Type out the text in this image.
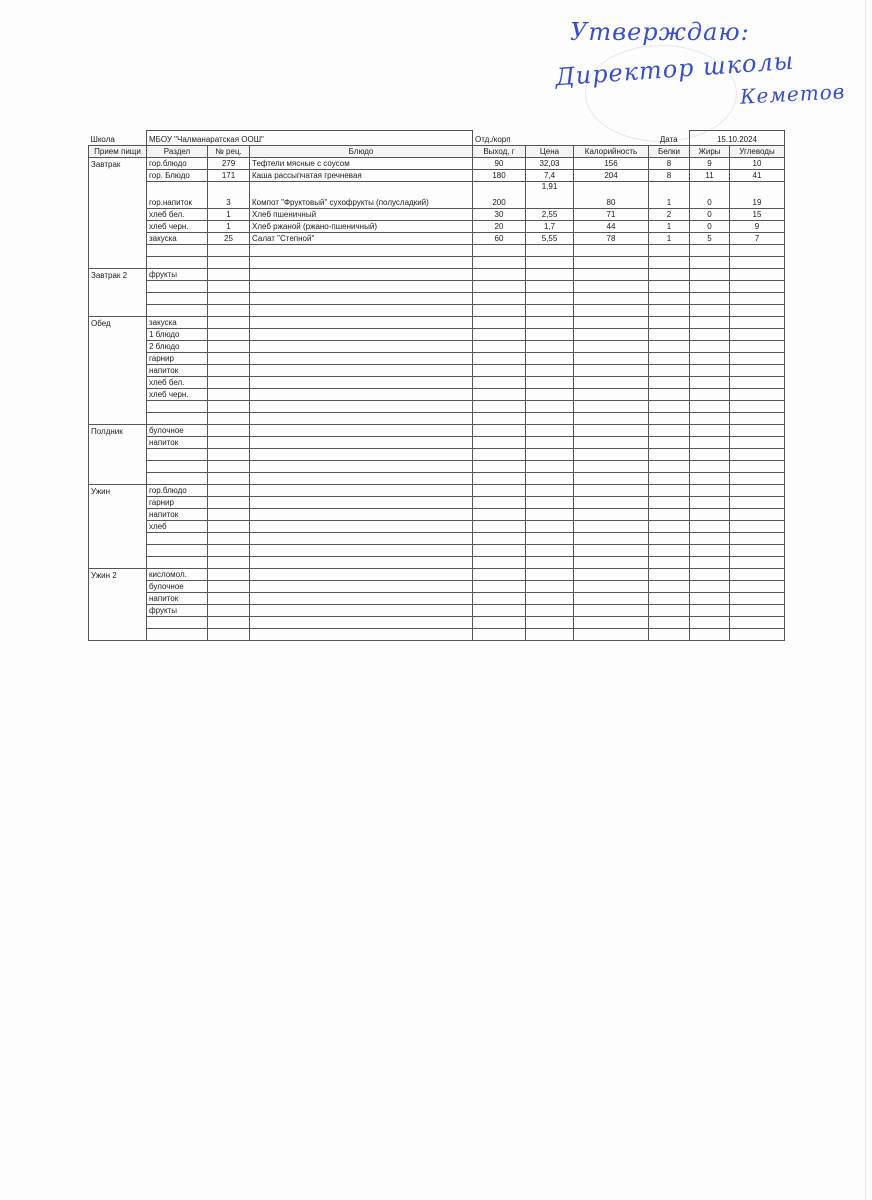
Утверждаю:
Директор школы
Кеметов
Школа	МБОУ "Чалманаратская ООШ"			Отд./корп			Дата	15.10.2024	
Прием пищи	Раздел	№ рец.	Блюдо	Выход, г	Цена	Калорийность	Белки	Жиры	Углеводы
Завтрак	гор.блюдо	279	Тефтели мясные с соусом	90	32,03	156	8	9	10
	гор. Блюдо	171	Каша рассыпчатая гречневая	180	7,4	204	8	11	41
	гор.напиток	3	Компот "Фруктовый" сухофрукты (полусладкий)	200	1,91	80	1	0	19
	хлеб бел.	1	Хлеб пшеничный	30	2,55	71	2	0	15
	хлеб черн.	1	Хлеб ржаной (ржано-пшеничный)	20	1,7	44	1	0	9
	закуска	25	Салат "Степной"	60	5,55	78	1	5	7

Завтрак 2	фрукты								

Обед	закуска								
	1 блюдо								
	2 блюдо								
	гарнир								
	напиток								
	хлеб бел.								
	хлеб черн.								

Полдник	булочное								
	напиток								

Ужин	гор.блюдо								
	гарнир								
	напиток								
	хлеб								

Ужин 2	кисломол.								
	булочное								
	напиток								
	фрукты								
